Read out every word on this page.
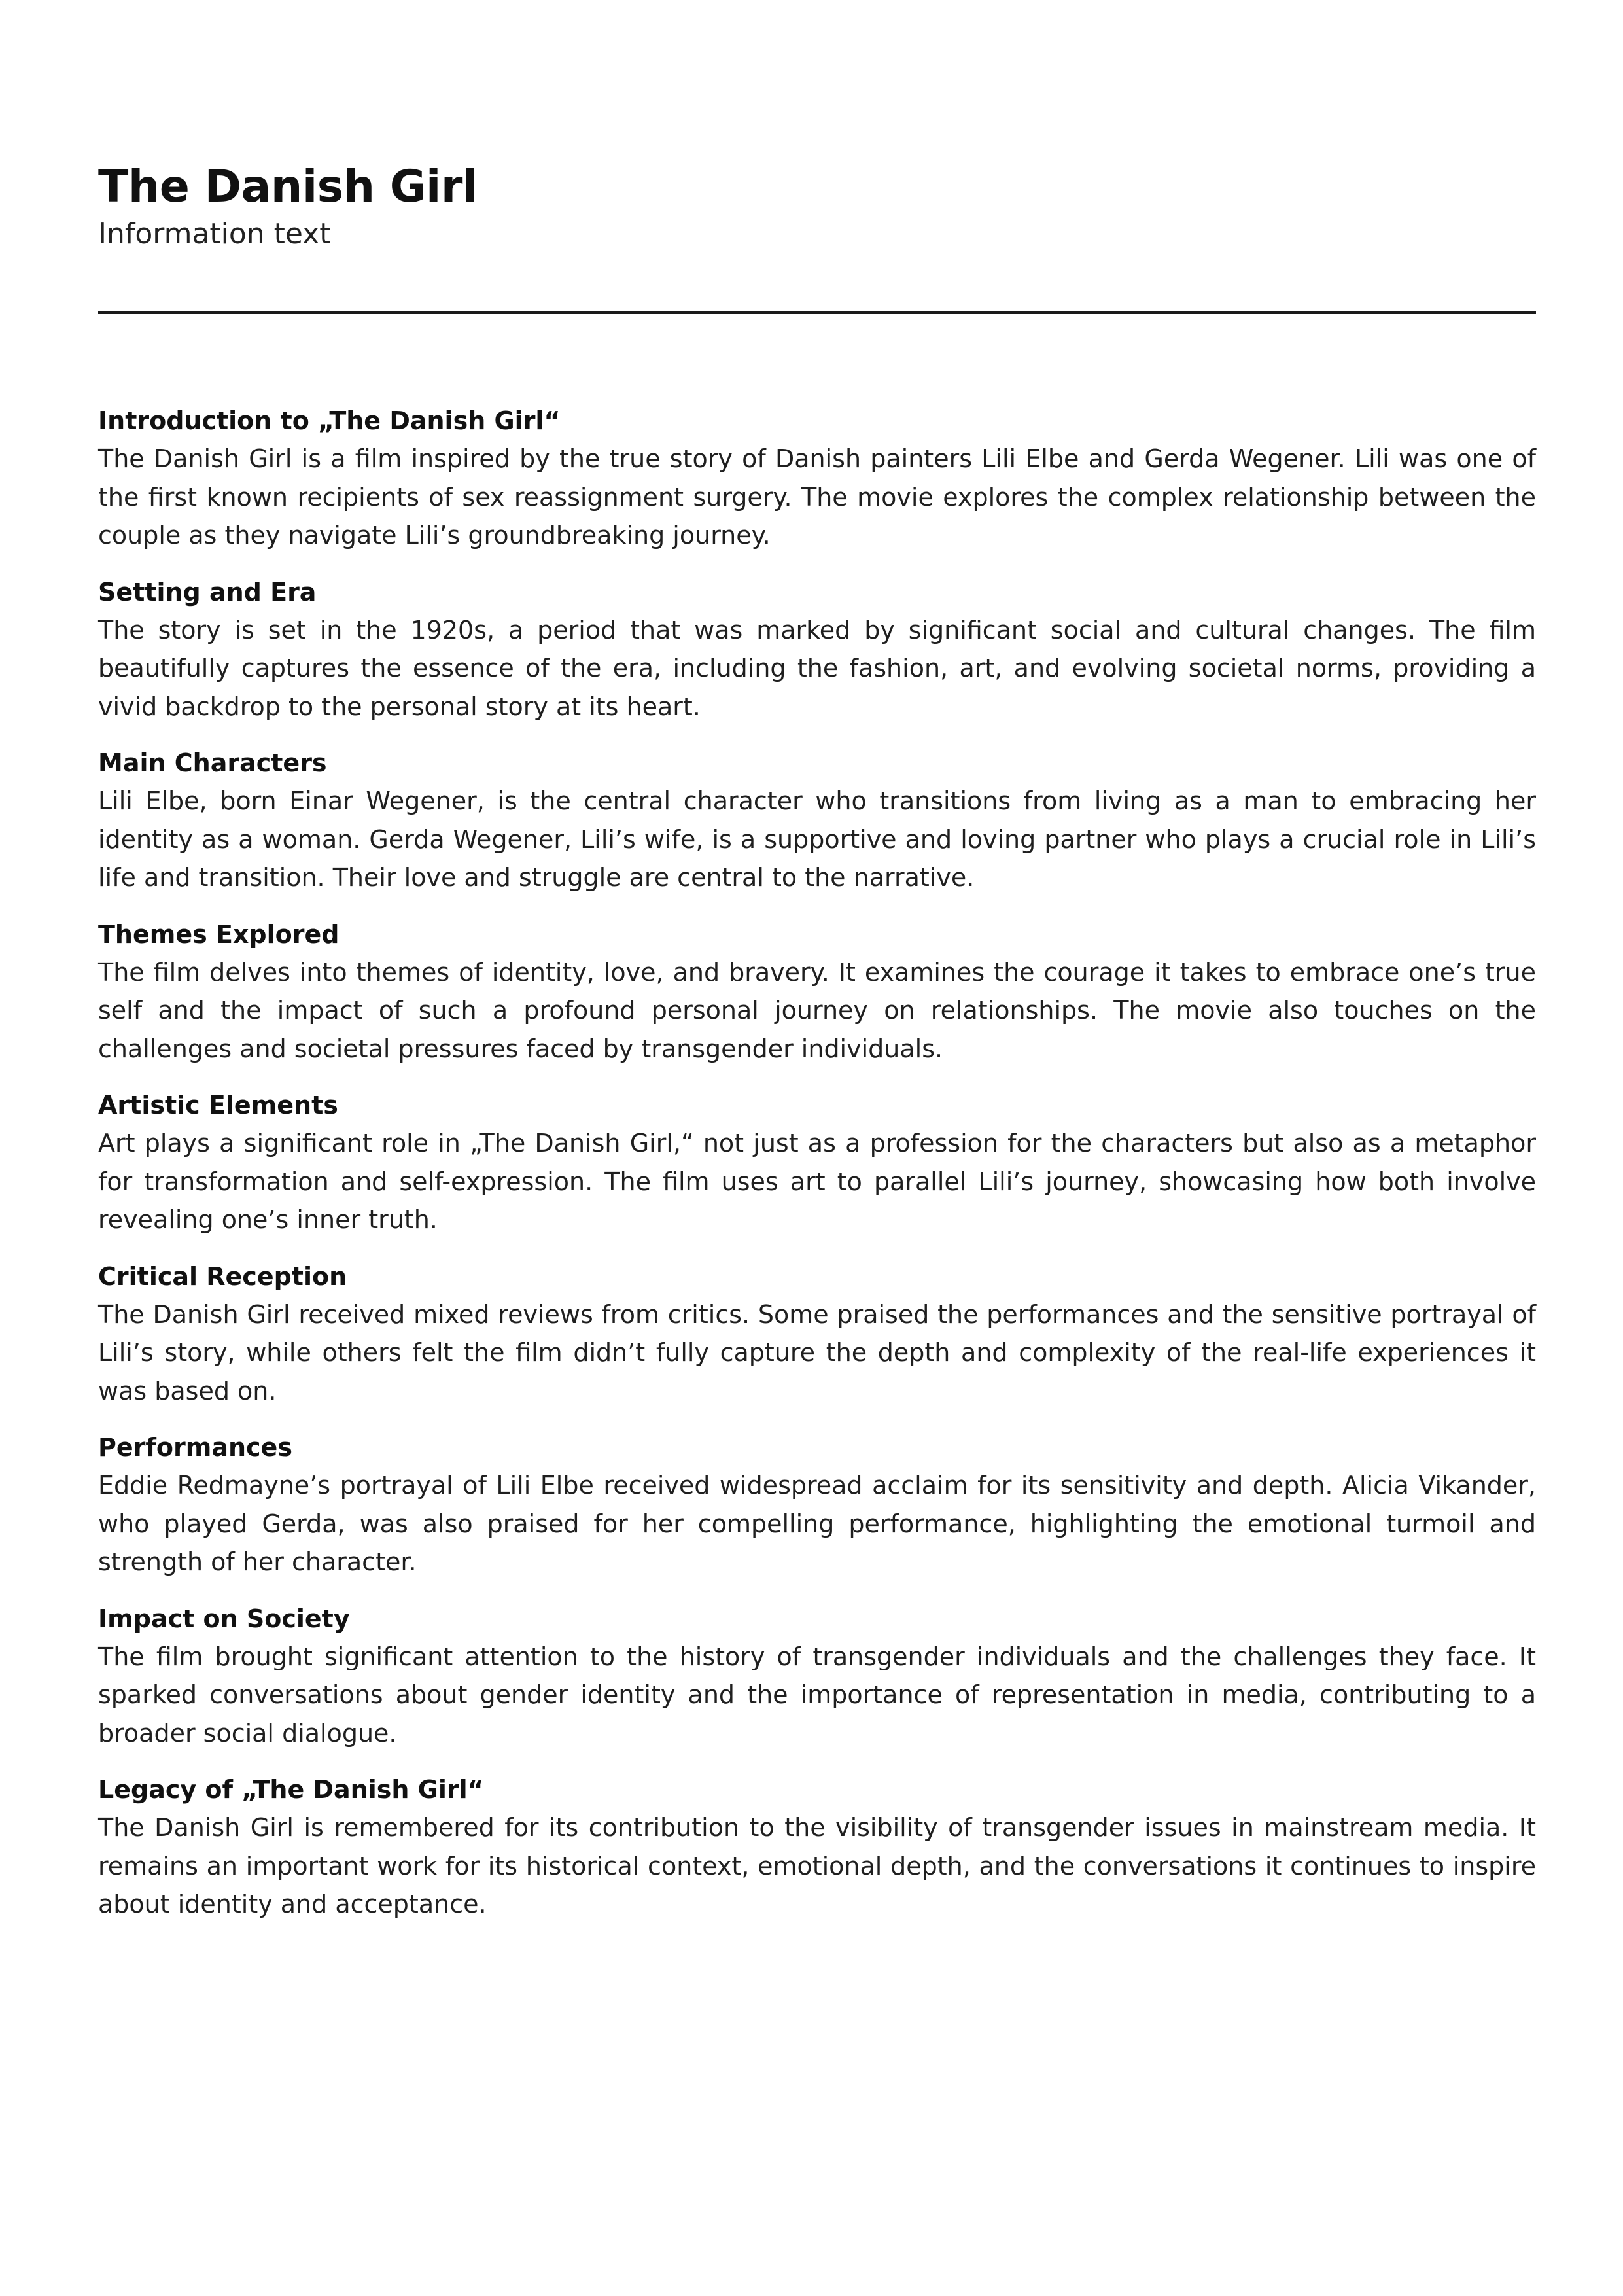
The Danish Girl

Information text

Introduction to „The Danish Girl“

The Danish Girl is a film inspired by the true story of Danish painters Lili Elbe and Gerda Wegener. Lili was one of the first known recipients of sex reassignment surgery. The movie explores the complex relationship between the couple as they navigate Lili’s groundbreaking journey.

Setting and Era

The story is set in the 1920s, a period that was marked by significant social and cultural changes. The film beautifully captures the essence of the era, including the fashion, art, and evolving societal norms, providing a vivid backdrop to the personal story at its heart.

Main Characters

Lili Elbe, born Einar Wegener, is the central character who transitions from living as a man to embracing her identity as a woman. Gerda Wegener, Lili’s wife, is a supportive and loving partner who plays a crucial role in Lili’s life and transition. Their love and struggle are central to the narrative.

Themes Explored

The film delves into themes of identity, love, and bravery. It examines the courage it takes to embrace one’s true self and the impact of such a profound personal journey on relationships. The movie also touches on the challenges and societal pressures faced by transgender individuals.

Artistic Elements

Art plays a significant role in „The Danish Girl,“ not just as a profession for the characters but also as a metaphor for transformation and self-expression. The film uses art to parallel Lili’s journey, showcasing how both involve revealing one’s inner truth.

Critical Reception

The Danish Girl received mixed reviews from critics. Some praised the performances and the sensitive portrayal of Lili’s story, while others felt the film didn’t fully capture the depth and complexity of the real-life experiences it was based on.

Performances

Eddie Redmayne’s portrayal of Lili Elbe received widespread acclaim for its sensitivity and depth. Alicia Vikander, who played Gerda, was also praised for her compelling performance, highlighting the emotional turmoil and strength of her character.

Impact on Society

The film brought significant attention to the history of transgender individuals and the challenges they face. It sparked conversations about gender identity and the importance of representation in media, contributing to a broader social dialogue.

Legacy of „The Danish Girl“

The Danish Girl is remembered for its contribution to the visibility of transgender issues in mainstream media. It remains an important work for its historical context, emotional depth, and the conversations it continues to inspire about identity and acceptance.
